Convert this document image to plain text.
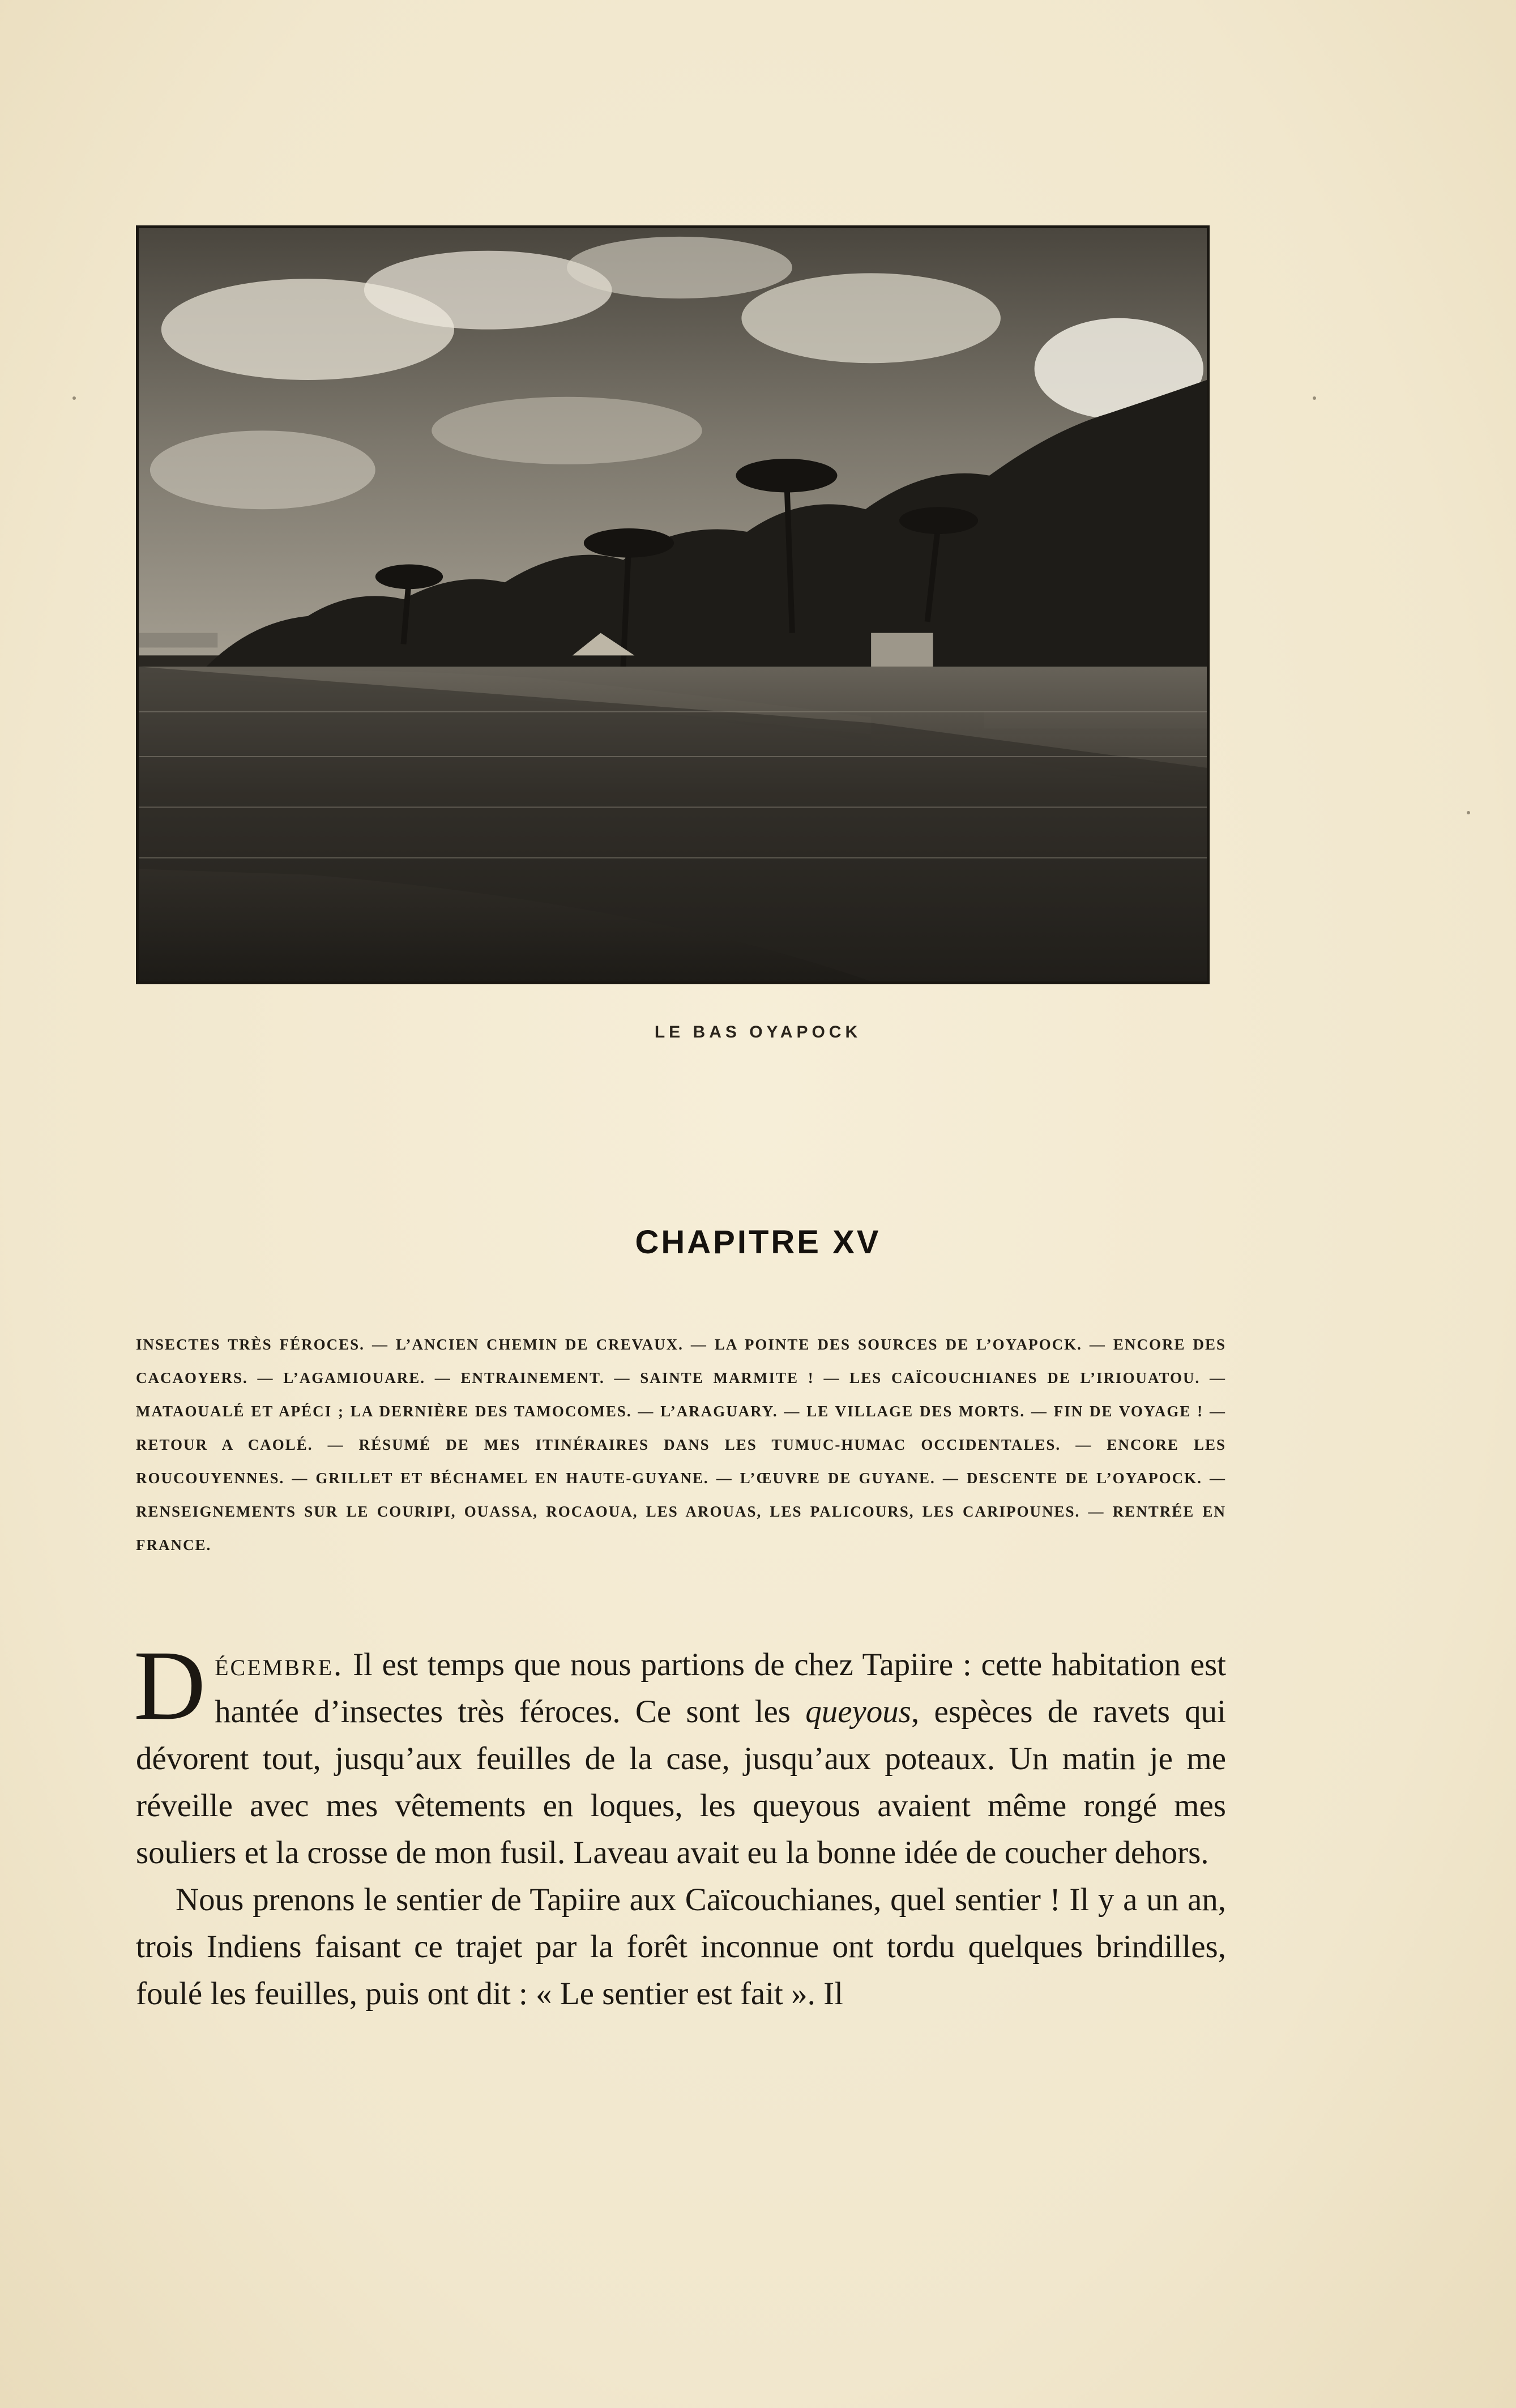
LE BAS OYAPOCK
CHAPITRE XV
INSECTES TRÈS FÉROCES. — L’ANCIEN CHEMIN DE CREVAUX. — LA POINTE DES SOURCES DE L’OYAPOCK. — ENCORE DES CACAOYERS. — L’AGAMIOUARE. — ENTRAINEMENT. — SAINTE MARMITE ! — LES CAÏCOUCHIANES DE L’IRIOUATOU. — MATAOUALÉ ET APÉCI ; LA DERNIÈRE DES TAMOCOMES. — L’ARAGUARY. — LE VILLAGE DES MORTS. — FIN DE VOYAGE ! — RETOUR A CAOLÉ. — RÉSUMÉ DE MES ITINÉRAIRES DANS LES TUMUC-HUMAC OCCIDENTALES. — ENCORE LES ROUCOUYENNES. — GRILLET ET BÉCHAMEL EN HAUTE-GUYANE. — L’ŒUVRE DE GUYANE. — DESCENTE DE L’OYAPOCK. — RENSEIGNEMENTS SUR LE COURIPI, OUASSA, ROCAOUA, LES AROUAS, LES PALICOURS, LES CARIPOUNES. — RENTRÉE EN FRANCE.

Décembre. Il est temps que nous partions de chez Tapiire : cette habitation est hantée d’insectes très féroces. Ce sont les queyous, espèces de ravets qui dévorent tout, jusqu’aux feuilles de la case, jusqu’aux poteaux. Un matin je me réveille avec mes vêtements en loques, les queyous avaient même rongé mes souliers et la crosse de mon fusil. Laveau avait eu la bonne idée de coucher dehors.

Nous prenons le sentier de Tapiire aux Caïcouchianes, quel sentier ! Il y a un an, trois Indiens faisant ce trajet par la forêt inconnue ont tordu quelques brindilles, foulé les feuilles, puis ont dit : « Le sentier est fait ». Il
